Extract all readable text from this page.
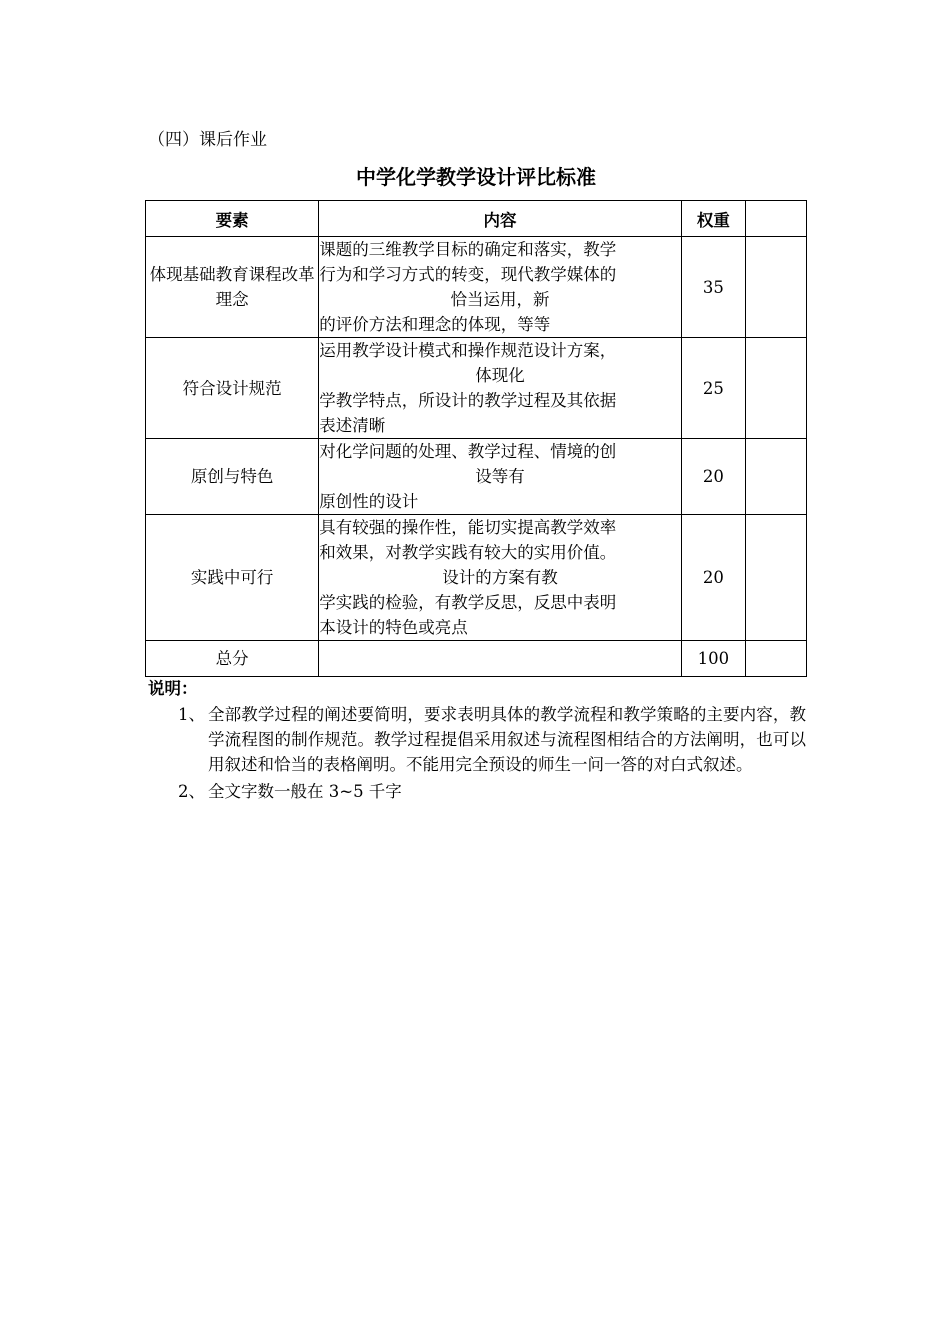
（四）课后作业
中学化学教学设计评比标准
要素	内容	权重	
体现基础教育课程改革理念	课题的三维教学目标的确定和落实，教学
行为和学习方式的转变，现代教学媒体的
恰当运用，新
的评价方法和理念的体现，等等	35	
符合设计规范	运用教学设计模式和操作规范设计方案，
体现化
学教学特点，所设计的教学过程及其依据
表述清晰	25	
原创与特色	对化学问题的处理、教学过程、情境的创
设等有
原创性的设计	20	
实践中可行	具有较强的操作性，能切实提高教学效率
和效果，对教学实践有较大的实用价值。
设计的方案有教
学实践的检验，有教学反思，反思中表明
本设计的特色或亮点	20	
总分		100	
说明：
1、 全部教学过程的阐述要简明，要求表明具体的教学流程和教学策略的主要内容，教学流程图的制作规范。教学过程提倡采用叙述与流程图相结合的方法阐明，也可以用叙述和恰当的表格阐明。不能用完全预设的师生一问一答的对白式叙述。
2、 全文字数一般在 3~5 千字
